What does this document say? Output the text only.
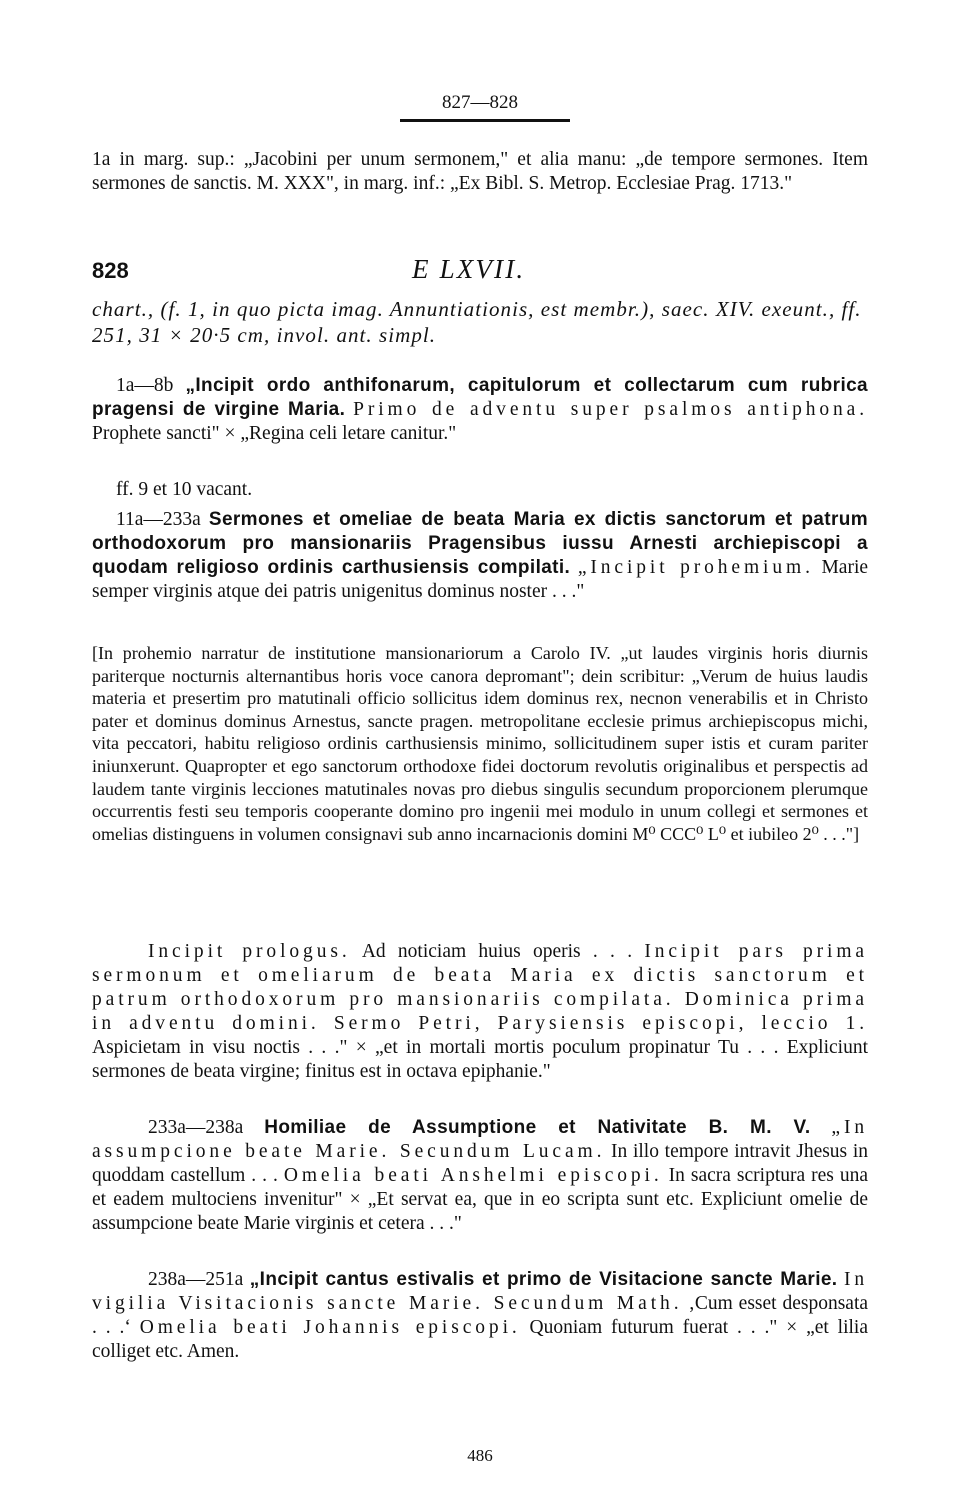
827—828
1a in marg. sup.: „Jacobini per unum sermonem," et alia manu: „de tempore sermones. Item sermones de sanctis. M. XXX", in marg. inf.: „Ex Bibl. S. Metrop. Ecclesiae Prag. 1713."
828	E LXVII.
chart., (f. 1, in quo picta imag. Annuntiationis, est membr.), saec. XIV. exeunt., ff. 251, 31 × 20·5 cm, invol. ant. simpl.
1a—8b „Incipit ordo anthifonarum, capitulorum et collectarum cum rubrica pragensi de virgine Maria. Primo de adventu super psalmos antiphona. Prophete sancti" × „Regina celi letare canitur."
ff. 9 et 10 vacant.
11a—233a Sermones et omeliae de beata Maria ex dictis sanctorum et patrum orthodoxorum pro mansionariis Pragensibus iussu Arnesti archiepiscopi a quodam religioso ordinis carthusiensis compilati. „Incipit prohemium. Marie semper virginis atque dei patris unigenitus dominus noster . . ."
[In prohemio narratur de institutione mansionariorum a Carolo IV. „ut laudes virginis horis diurnis pariterque nocturnis alternantibus horis voce canora depromant"; dein scribitur: „Verum de huius laudis materia et presertim pro matutinali officio sollicitus idem dominus rex, necnon venerabilis et in Christo pater et dominus dominus Arnestus, sancte pragen. metropolitane ecclesie primus archiepiscopus michi, vita peccatori, habitu religioso ordinis carthusiensis minimo, sollicitudinem super istis et curam pariter iniunxerunt. Quapropter et ego sanctorum orthodoxe fidei doctorum revolutis originalibus et perspectis ad laudem tante virginis lecciones matutinales novas pro diebus singulis secundum proporcionem plerumque occurrentis festi seu temporis cooperante domino pro ingenii mei modulo in unum collegi et sermones et omelias distinguens in volumen consignavi sub anno incarnacionis domini M⁰ CCC⁰ L⁰ et iubileo 2⁰ . . ."]
Incipit prologus. Ad noticiam huius operis . . . Incipit pars prima sermonum et omeliarum de beata Maria ex dictis sanctorum et patrum orthodoxorum pro mansionariis compilata. Dominica prima in adventu domini. Sermo Petri, Parysiensis episcopi, leccio 1. Aspicietam in visu noctis . . ." × „et in mortali mortis poculum propinatur Tu . . . Expliciunt sermones de beata virgine; finitus est in octava epiphanie."
233a—238a Homiliae de Assumptione et Nativitate B. M. V. „In assumpcione beate Marie. Secundum Lucam. In illo tempore intravit Jhesus in quoddam castellum . . . Omelia beati Anshelmi episcopi. In sacra scriptura res una et eadem multociens invenitur" × „Et servat ea, que in eo scripta sunt etc. Expliciunt omelie de assumpcione beate Marie virginis et cetera . . ."
238a—251a „Incipit cantus estivalis et primo de Visitacione sancte Marie. In vigilia Visitacionis sancte Marie. Secundum Math. ‚Cum esset desponsata . . .‘ Omelia beati Johannis episcopi. Quoniam futurum fuerat . . ." × „et lilia colliget etc. Amen.
486
